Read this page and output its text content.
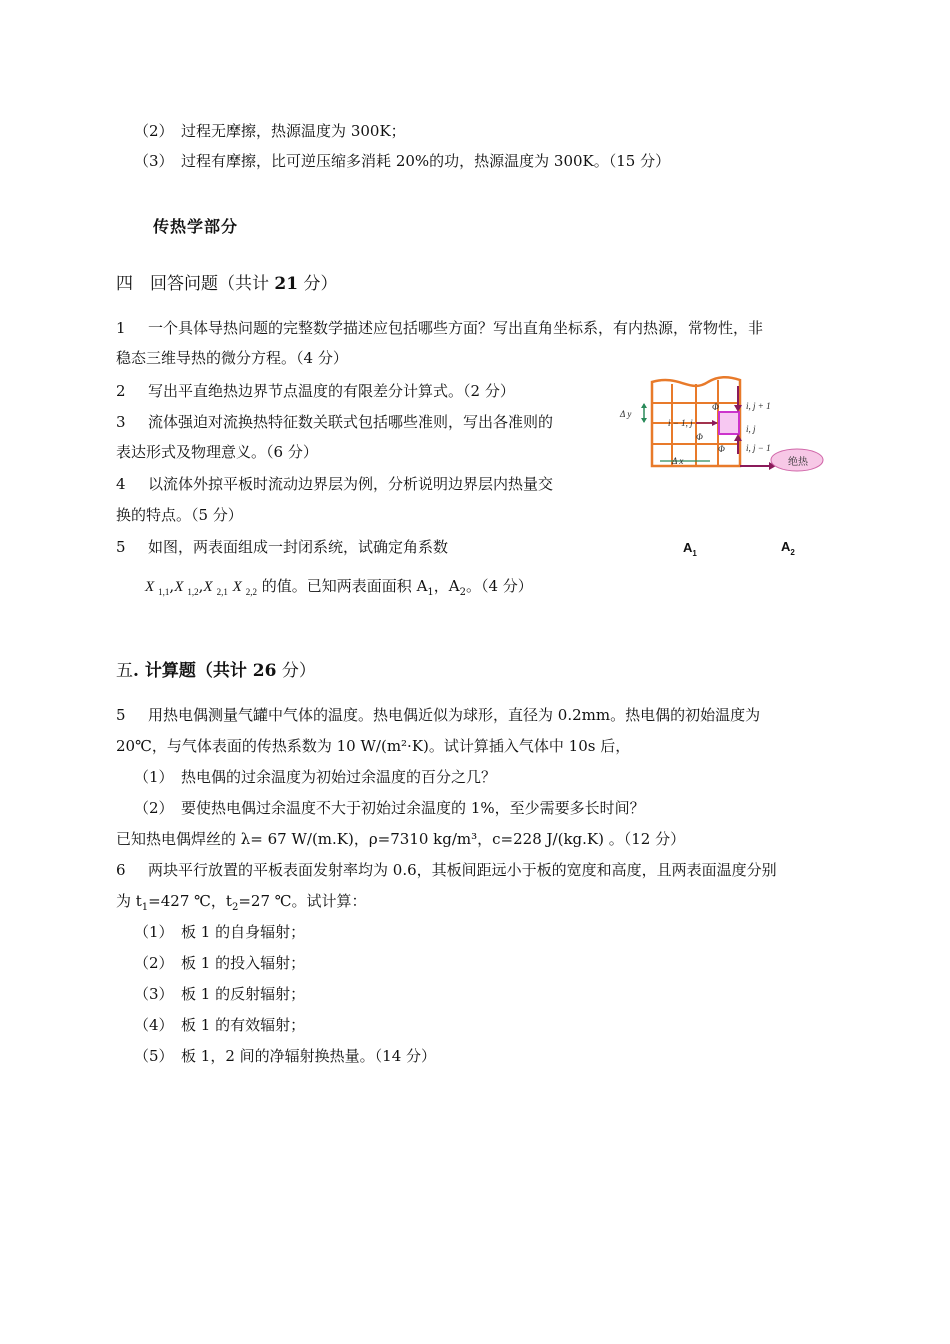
（2）　过程无摩擦，热源温度为 300K；
（3）　过程有摩擦，比可逆压缩多消耗 20%的功，热源温度为 300K。（15 分）
传热学部分
四　回答问题（共计 21 分）
1 一个具体导热问题的完整数学描述应包括哪些方面？写出直角坐标系，有内热源，常物性，非
稳态三维导热的微分方程。（4 分）
2 写出平直绝热边界节点温度的有限差分计算式。（2 分）
3 流体强迫对流换热特征数关联式包括哪些准则，写出各准则的
表达形式及物理意义。（6 分）
4 以流体外掠平板时流动边界层为例，分析说明边界层内热量交
换的特点。（5 分）
5 如图，两表面组成一封闭系统，试确定角系数
X $_{1,1}$,X $_{1,2}$,X $_{2,1}$ X $_{2,2}$ 的值。已知两表面面积 $A_1$，$A_2$。（4 分）
绝热
i, j + 1
i, j
i, j − 1
i − 1, j
Δ y
Δ x
Φ
Φ
Φ
$A_1$	$A_2$
五. 计算题（共计 26 分）
5 用热电偶测量气罐中气体的温度。热电偶近似为球形，直径为 0.2mm。热电偶的初始温度为
20℃，与气体表面的传热系数为 10 W/(m²·K)。试计算插入气体中 10s 后，
（1）　热电偶的过余温度为初始过余温度的百分之几？
（2）　要使热电偶过余温度不大于初始过余温度的 1%，至少需要多长时间？
已知热电偶焊丝的 λ= 67 W/(m.K)，ρ=7310 kg/m³，c=228 J/(kg.K) 。（12 分）
6 两块平行放置的平板表面发射率均为 0.6，其板间距远小于板的宽度和高度，且两表面温度分别
为 $t_1=427$ ℃，$t_2=27$ ℃。试计算：
（1）　板 1 的自身辐射；
（2）　板 1 的投入辐射；
（3）　板 1 的反射辐射；
（4）　板 1 的有效辐射；
（5）　板 1，2 间的净辐射换热量。（14 分）
